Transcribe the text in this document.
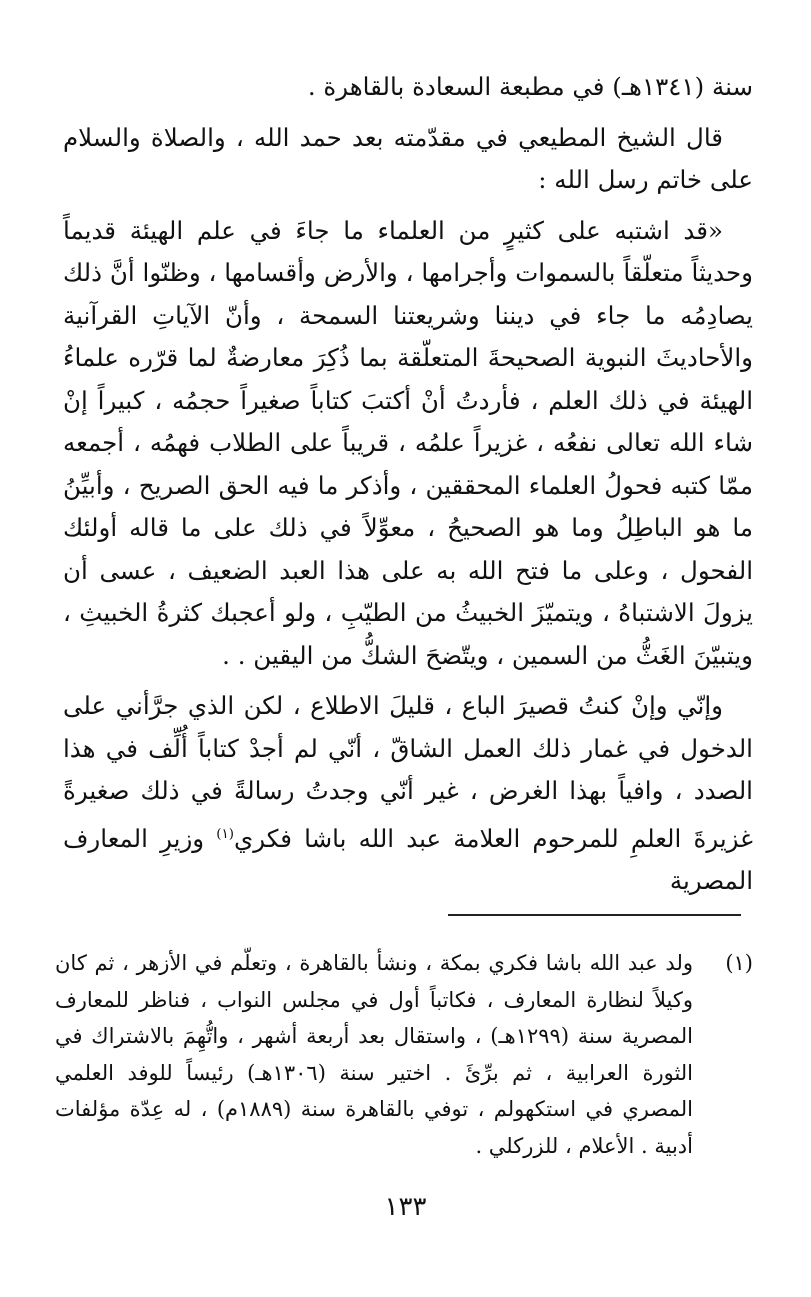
سنة (١٣٤١هـ) في مطبعة السعادة بالقاهرة .

قال الشيخ المطيعي في مقدّمته بعد حمد الله ، والصلاة والسلام على خاتم رسل الله :

«قد اشتبه على كثيرٍ من العلماء ما جاءَ في علم الهيئة قديماً وحديثاً متعلّقاً بالسموات وأجرامها ، والأرض وأقسامها ، وظنّوا أنَّ ذلك يصادِمُه ما جاء في ديننا وشريعتنا السمحة ، وأنّ الآياتِ القرآنية والأحاديثَ النبوية الصحيحةَ المتعلّقة بما ذُكِرَ معارضةٌ لما قرّره علماءُ الهيئة في ذلك العلم ، فأردتُ أنْ أكتبَ كتاباً صغيراً حجمُه ، كبيراً إنْ شاء الله تعالى نفعُه ، غزيراً علمُه ، قريباً على الطلاب فهمُه ، أجمعه ممّا كتبه فحولُ العلماء المحققين ، وأذكر ما فيه الحق الصريح ، وأبيِّنُ ما هو الباطِلُ وما هو الصحيحُ ، معوِّلاً في ذلك على ما قاله أولئك الفحول ، وعلى ما فتح الله به على هذا العبد الضعيف ، عسى أن يزولَ الاشتباهُ ، ويتميّزَ الخبيثُ من الطيّبِ ، ولو أعجبك كثرةُ الخبيثِ ، ويتبيّنَ الغَثُّ من السمين ، ويتّضحَ الشكُّ من اليقين . .

وإنّي وإنْ كنتُ قصيرَ الباع ، قليلَ الاطلاع ، لكن الذي جرَّأني على الدخول في غمار ذلك العمل الشاقّ ، أنّي لم أجدْ كتاباً أُلِّف في هذا الصدد ، وافياً بهذا الغرض ، غير أنّي وجدتُ رسالةً في ذلك صغيرةً غزيرةَ العلمِ للمرحوم العلامة عبد الله باشا فكري$^{(١)}$ وزيرِ المعارف المصرية

(١)
ولد عبد الله باشا فكري بمكة ، ونشأ بالقاهرة ، وتعلّم في الأزهر ، ثم كان وكيلاً لنظارة المعارف ، فكاتباً أول في مجلس النواب ، فناظر للمعارف المصرية سنة (١٢٩٩هـ) ، واستقال بعد أربعة أشهر ، واتُّهِمَ بالاشتراك في الثورة العرابية ، ثم برِّئَ . اختير سنة (١٣٠٦هـ) رئيساً للوفد العلمي المصري في استكهولم ، توفي بالقاهرة سنة (١٨٨٩م) ، له عِدّة مؤلفات أدبية . الأعلام ، للزركلي .
١٣٣
